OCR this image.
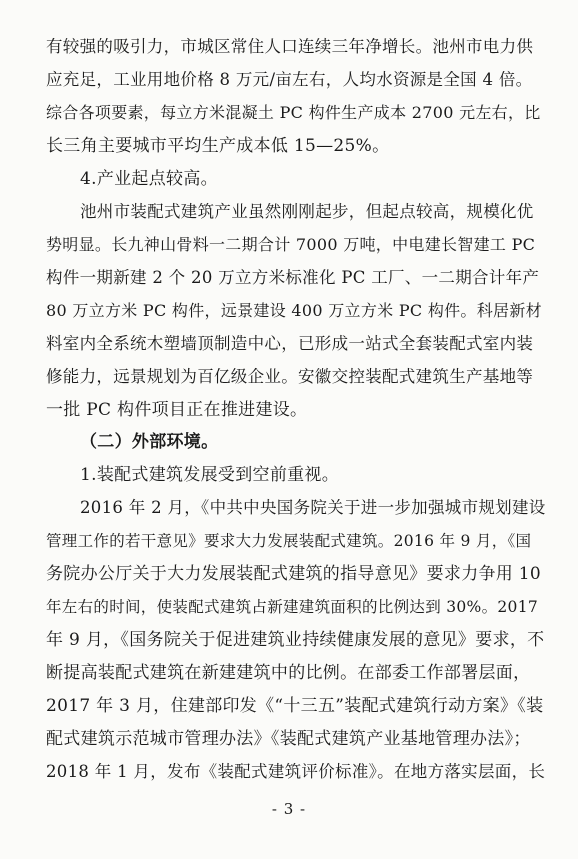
有较强的吸引力，市城区常住人口连续三年净增长。池州市电力供
应充足，工业用地价格 8 万元/亩左右，人均水资源是全国 4 倍。
综合各项要素，每立方米混凝土 PC 构件生产成本 2700 元左右，比
长三角主要城市平均生产成本低 15—25%。
4.产业起点较高。
池州市装配式建筑产业虽然刚刚起步，但起点较高，规模化优
势明显。长九神山骨料一二期合计 7000 万吨，中电建长智建工 PC
构件一期新建 2 个 20 万立方米标准化 PC 工厂、一二期合计年产
80 万立方米 PC 构件，远景建设 400 万立方米 PC 构件。科居新材
料室内全系统木塑墙顶制造中心，已形成一站式全套装配式室内装
修能力，远景规划为百亿级企业。安徽交控装配式建筑生产基地等
一批 PC 构件项目正在推进建设。
（二）外部环境。
1.装配式建筑发展受到空前重视。
2016 年 2 月，《中共中央国务院关于进一步加强城市规划建设
管理工作的若干意见》要求大力发展装配式建筑。2016 年 9 月，《国
务院办公厅关于大力发展装配式建筑的指导意见》要求力争用 10
年左右的时间，使装配式建筑占新建建筑面积的比例达到 30%。2017
年 9 月，《国务院关于促进建筑业持续健康发展的意见》要求，不
断提高装配式建筑在新建建筑中的比例。在部委工作部署层面，
2017 年 3 月，住建部印发《“十三五”装配式建筑行动方案》《装
配式建筑示范城市管理办法》《装配式建筑产业基地管理办法》；
2018 年 1 月，发布《装配式建筑评价标准》。在地方落实层面，长
- 3 -
